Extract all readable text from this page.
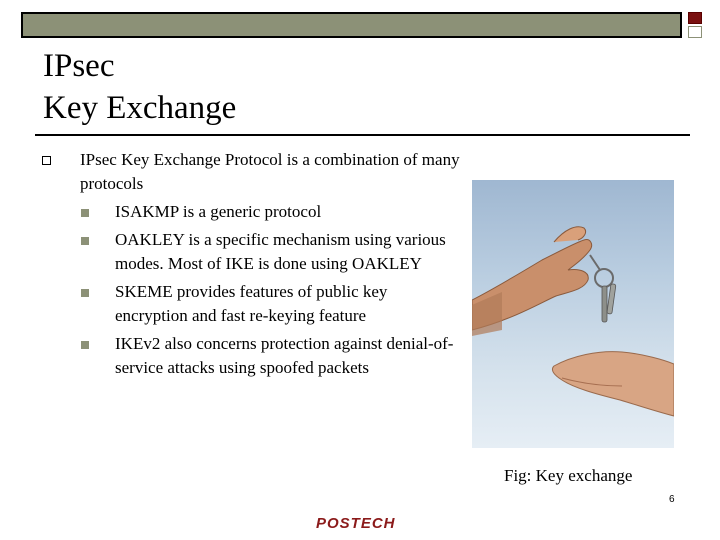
IPsec
Key Exchange
IPsec Key Exchange Protocol is a combination of many protocols
ISAKMP is a generic protocol
OAKLEY is a specific mechanism using various modes. Most of IKE is done using OAKLEY
SKEME provides features of public key encryption and fast re-keying feature
IKEv2 also concerns protection against denial-of-service attacks using spoofed packets
Fig: Key exchange
6
POSTECH
